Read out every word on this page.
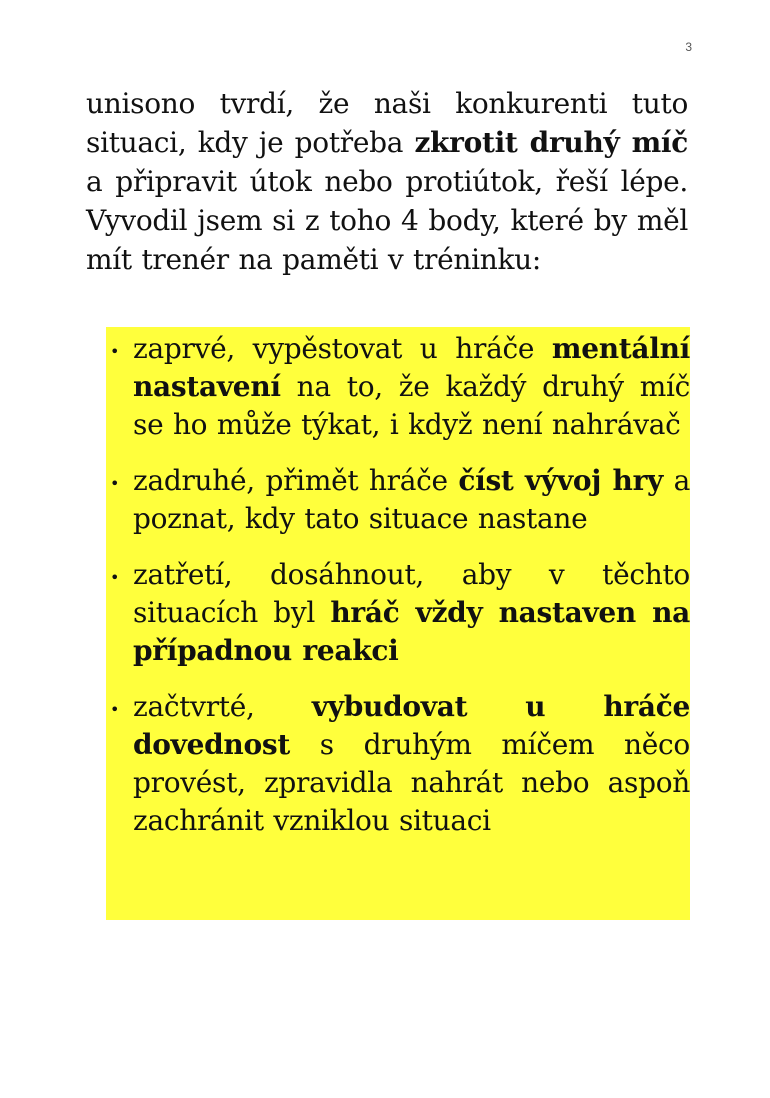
3

unisono tvrdí, že naši konkurenti tuto situaci, kdy je potřeba zkrotit druhý míč a připravit útok nebo protiútok, řeší lépe. Vyvodil jsem si z toho 4 body, které by měl mít trenér na paměti v tréninku:

• zaprvé, vypěstovat u hráče mentální nastavení na to, že každý druhý míč se ho může týkat, i když není nahrávač

• zadruhé, přimět hráče číst vývoj hry a poznat, kdy tato situace nastane

• zatřetí, dosáhnout, aby v těchto situacích byl hráč vždy nastaven na případnou reakci

• začtvrté, vybudovat u hráče dovednost s druhým míčem něco provést, zpravidla nahrát nebo aspoň zachránit vzniklou situaci
